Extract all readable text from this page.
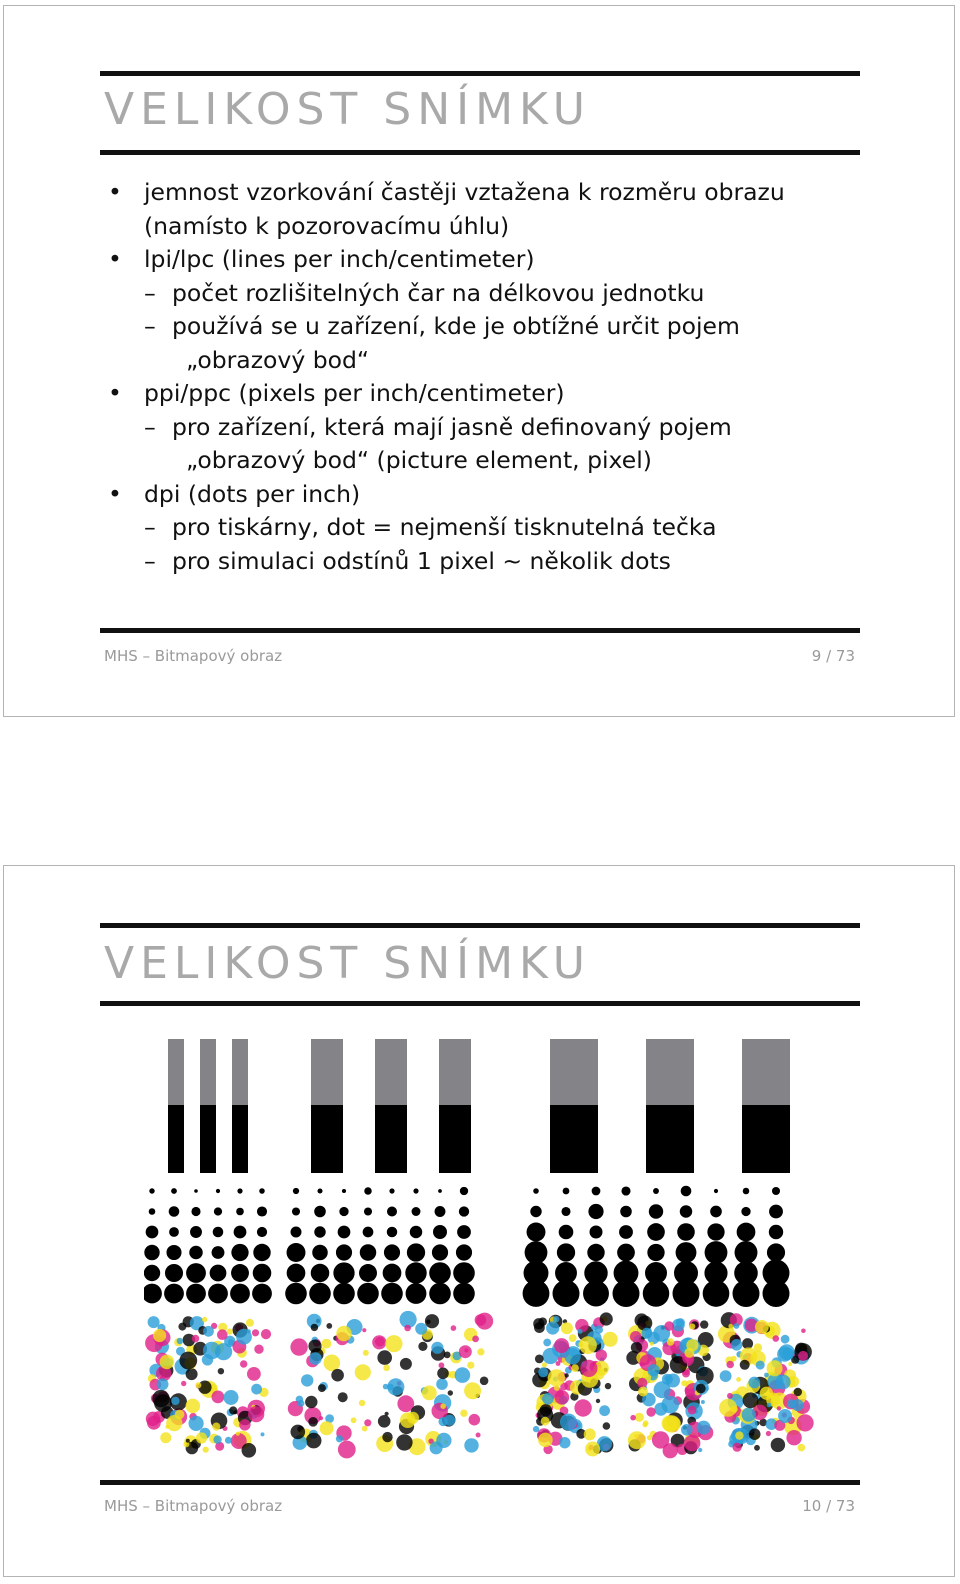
VELIKOST SNÍMKU
• jemnost vzorkování častěji vztažena k rozměru obrazu
(namísto k pozorovacímu úhlu)
• lpi/lpc (lines per inch/centimeter)
– počet rozlišitelných čar na délkovou jednotku
– používá se u zařízení, kde je obtížné určit pojem
„obrazový bod“
• ppi/ppc (pixels per inch/centimeter)
– pro zařízení, která mají jasně definovaný pojem
„obrazový bod“ (picture element, pixel)
• dpi (dots per inch)
– pro tiskárny, dot = nejmenší tisknutelná tečka
– pro simulaci odstínů 1 pixel ~ několik dots
MHS – Bitmapový obraz	9 / 73
VELIKOST SNÍMKU
MHS – Bitmapový obraz	10 / 73
